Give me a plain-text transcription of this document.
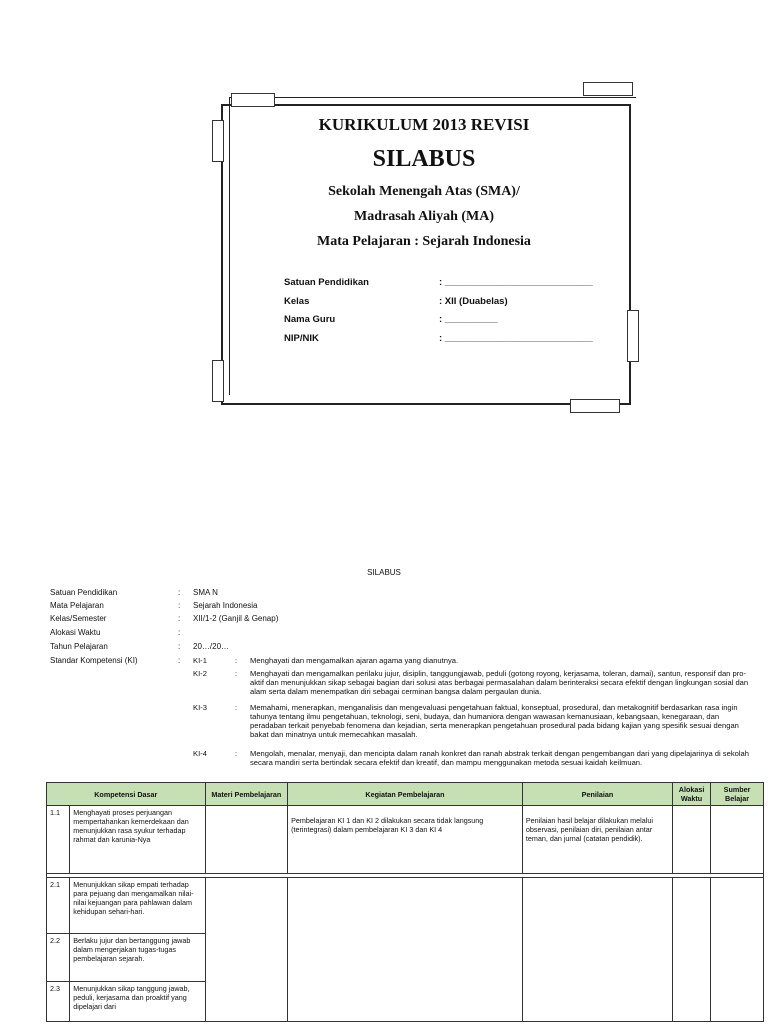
KURIKULUM 2013 REVISI
SILABUS
Sekolah Menengah Atas (SMA)/
Madrasah Aliyah (MA)
Mata Pelajaran : Sejarah Indonesia
Satuan Pendidikan	: ____________________________
Kelas	: XII (Duabelas)
Nama Guru	: __________
NIP/NIK	: ____________________________
SILABUS
Satuan Pendidikan	: SMA N
Mata Pelajaran	: Sejarah Indonesia
Kelas/Semester	: XII/1-2 (Ganjil & Genap)
Alokasi Waktu	:
Tahun Pelajaran	: 20…/20…
Standar Kompetensi (KI)	: KI-1	: Menghayati dan mengamalkan ajaran agama yang dianutnya.
KI-2	: Menghayati dan mengamalkan perilaku jujur, disiplin, tanggungjawab, peduli (gotong royong, kerjasama, toleran, damai), santun, responsif dan pro-aktif dan menunjukkan sikap sebagai bagian dari solusi atas berbagai permasalahan dalam berinteraksi secara efektif dengan lingkungan sosial dan alam serta dalam menempatkan diri sebagai cerminan bangsa dalam pergaulan dunia.
KI-3	: Memahami, menerapkan, menganalisis dan mengevaluasi pengetahuan faktual, konseptual, prosedural, dan metakognitif berdasarkan rasa ingin tahunya tentang ilmu pengetahuan, teknologi, seni, budaya, dan humaniora dengan wawasan kemanusiaan, kebangsaan, kenegaraan, dan peradaban terkait penyebab fenomena dan kejadian, serta menerapkan pengetahuan prosedural pada bidang kajian yang spesifik sesuai dengan bakat dan minatnya untuk memecahkan masalah.
KI-4	: Mengolah, menalar, menyaji, dan mencipta dalam ranah konkret dan ranah abstrak terkait dengan pengembangan dari yang dipelajarinya di sekolah secara mandiri serta bertindak secara efektif dan kreatif, dan mampu menggunakan metoda sesuai kaidah keilmuan.
Kompetensi Dasar		Materi Pembelajaran	Kegiatan Pembelajaran	Penilaian	Alokasi Waktu	Sumber Belajar
1.1	Menghayati proses perjuangan mempertahankan kemerdekaan dan menunjukkan rasa syukur terhadap rahmat dan karunia-Nya		Pembelajaran KI 1 dan KI 2 dilakukan secara tidak langsung (terintegrasi) dalam pembelajaran KI 3 dan KI 4	Penilaian hasil belajar dilakukan melalui observasi, penilaian diri, penilaian antar teman, dan jurnal (catatan pendidik).		

2.1	Menunjukkan sikap empati terhadap para pejuang dan mengamalkan nilai-nilai kejuangan para pahlawan dalam kehidupan sehari-hari.					
2.2	Berlaku jujur dan bertanggung jawab dalam mengerjakan tugas-tugas pembelajaran sejarah.					
2.3	Menunjukkan sikap tanggung jawab, peduli, kerjasama dan proaktif yang dipelajari dari					
